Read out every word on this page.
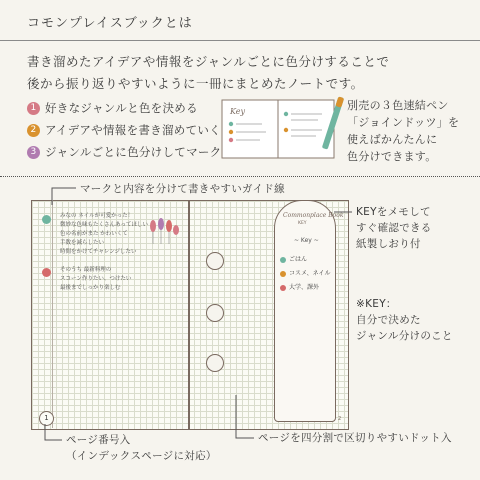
コモンプレイスブックとは
書き溜めたアイデアや情報をジャンルごとに色分けすることで
後から振り返りやすいように一冊にまとめたノートです。
1 好きなジャンルと色を決める
2 アイデアや情報を書き溜めていく
3 ジャンルごとに色分けしてマーク
Key	別売の３色速結ペン
「ジョインドッツ」を
使えばかんたんに
色分けできます。
みなの ネイルが可愛かった！
微妙な色味もたくさんあってほしい
色の名前がまた かわいくて
手数を減らしたい
時間をかけてチャレンジしたい
そのうち 最新料理の
スコーン作りたい、つけたい
最後までしっかり楽しむ
1
Commonplace Book
KEY
~ Key ~
ごはん
コスメ、ネイル
大学、課外
2
マークと内容を分けて書きやすいガイド線
KEYをメモして
すぐ確認できる
紙製しおり付
※KEY：
自分で決めた
ジャンル分けのこと
ページ番号入
（インデックスページに対応）
ページを四分割で区切りやすいドット入
